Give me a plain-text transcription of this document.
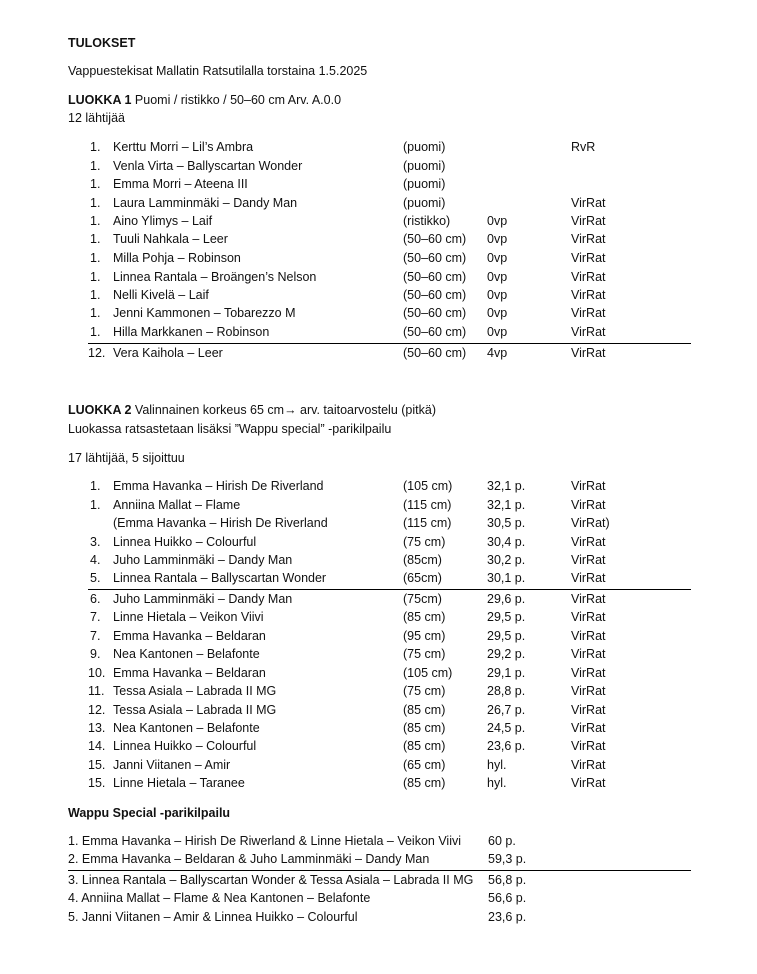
TULOKSET
Vappuestekisat Mallatin Ratsutilalla torstaina 1.5.2025
LUOKKA 1 Puomi / ristikko / 50–60 cm Arv. A.0.0
12 lähtijää
1. Kerttu Morri – Lil’s Ambra	(puomi)	RvR
1. Venla Virta – Ballyscartan Wonder	(puomi)
1. Emma Morri – Ateena III	(puomi)
1. Laura Lamminmäki – Dandy Man	(puomi)	VirRat
1. Aino Ylimys – Laif	(ristikko)	0vp	VirRat
1. Tuuli Nahkala – Leer	(50–60 cm) 0vp	VirRat
1. Milla Pohja – Robinson	(50–60 cm) 0vp	VirRat
1. Linnea Rantala – Broängen’s Nelson	(50–60 cm) 0vp	VirRat
1. Nelli Kivelä – Laif	(50–60 cm) 0vp	VirRat
1. Jenni Kammonen – Tobarezzo M	(50–60 cm) 0vp	VirRat
1. Hilla Markkanen – Robinson	(50–60 cm) 0vp	VirRat
12. Vera Kaihola – Leer	(50–60 cm) 4vp	VirRat
LUOKKA 2 Valinnainen korkeus 65 cm→ arv. taitoarvostelu (pitkä)
Luokassa ratsastetaan lisäksi ”Wappu special” -parikilpailu
17 lähtijää, 5 sijoittuu
1. Emma Havanka – Hirish De Riverland	(105 cm)	32,1 p.	VirRat
1. Anniina Mallat – Flame	(115 cm)	32,1 p.	VirRat
(Emma Havanka – Hirish De Riverland	(115 cm)	30,5 p.	VirRat)
3. Linnea Huikko – Colourful	(75 cm)	30,4 p.	VirRat
4. Juho Lamminmäki – Dandy Man	(85cm)	30,2 p.	VirRat
5. Linnea Rantala – Ballyscartan Wonder	(65cm)	30,1 p.	VirRat
6. Juho Lamminmäki – Dandy Man	(75cm)	29,6 p.	VirRat
7. Linne Hietala – Veikon Viivi	(85 cm)	29,5 p.	VirRat
7. Emma Havanka – Beldaran	(95 cm)	29,5 p.	VirRat
9. Nea Kantonen – Belafonte	(75 cm)	29,2 p.	VirRat
10. Emma Havanka – Beldaran	(105 cm)	29,1 p.	VirRat
11. Tessa Asiala – Labrada II MG	(75 cm)	28,8 p.	VirRat
12. Tessa Asiala – Labrada II MG	(85 cm)	26,7 p.	VirRat
13. Nea Kantonen – Belafonte	(85 cm)	24,5 p.	VirRat
14. Linnea Huikko – Colourful	(85 cm)	23,6 p.	VirRat
15. Janni Viitanen – Amir	(65 cm)	hyl.	VirRat
15. Linne Hietala – Taranee	(85 cm)	hyl.	VirRat
Wappu Special -parikilpailu
1. Emma Havanka – Hirish De Riwerland & Linne Hietala – Veikon Viivi 60 p.
2. Emma Havanka – Beldaran & Juho Lamminmäki – Dandy Man	59,3 p.
3. Linnea Rantala – Ballyscartan Wonder & Tessa Asiala – Labrada II MG 56,8 p.
4. Anniina Mallat – Flame & Nea Kantonen – Belafonte	56,6 p.
5. Janni Viitanen – Amir & Linnea Huikko – Colourful	23,6 p.
